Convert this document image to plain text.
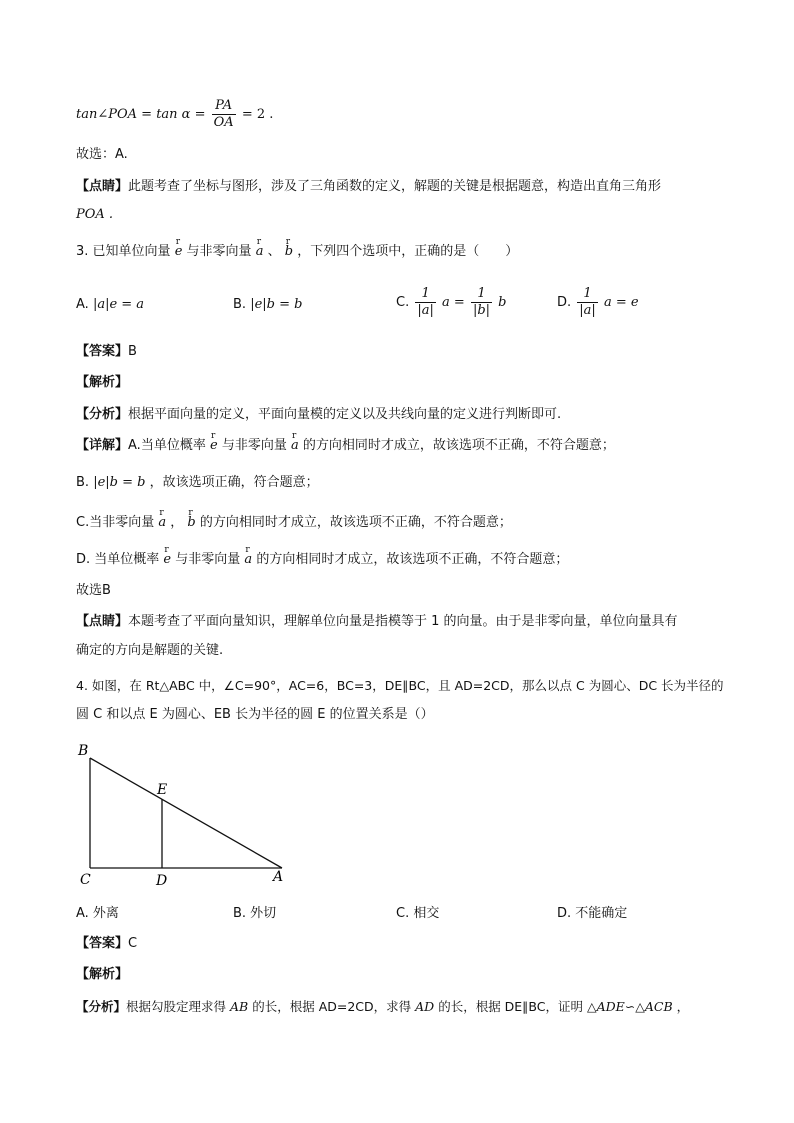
tan∠POA = $\tan \alpha = \frac{PA}{OA} = 2$ .
故选：A.
【点睛】此题考查了坐标与图形，涉及了三角函数的定义，解题的关键是根据题意，构造出直角三角形
POA .
3. 已知单位向量 r e 与非零向量 r a 、 r b ，下列四个选项中，正确的是（　　）
A. |a|e = a	B. |e|b = b	C. $\frac{1}{|a|}$ $a = \frac{1}{|b|}$ b	D. $\frac{1}{|a|}$ a = e
【答案】B
【解析】
【分析】根据平面向量的定义，平面向量模的定义以及共线向量的定义进行判断即可.
【详解】A.当单位概率 r e 与非零向量 r a 的方向相同时才成立，故该选项不正确，不符合题意；
B. |e|b = b ，故该选项正确，符合题意；
C.当非零向量 r a ， r b 的方向相同时才成立，故该选项不正确，不符合题意；
D. 当单位概率 r e 与非零向量 r a 的方向相同时才成立，故该选项不正确，不符合题意；
故选B
【点睛】本题考查了平面向量知识，理解单位向量是指模等于 1 的向量。由于是非零向量，单位向量具有
确定的方向是解题的关键.
4. 如图，在 Rt△ABC 中，∠C=90°，AC=6，BC=3，DE∥BC，且 AD=2CD，那么以点 C 为圆心、DC 长为半径的
圆 C 和以点 E 为圆心、EB 长为半径的圆 E 的位置关系是（）
B
E
C	D	A
A. 外离	B. 外切	C. 相交	D. 不能确定
【答案】C
【解析】
【分析】根据勾股定理求得 AB 的长，根据 AD=2CD，求得 AD 的长，根据 DE∥BC，证明 △ADE∽△ACB ，
